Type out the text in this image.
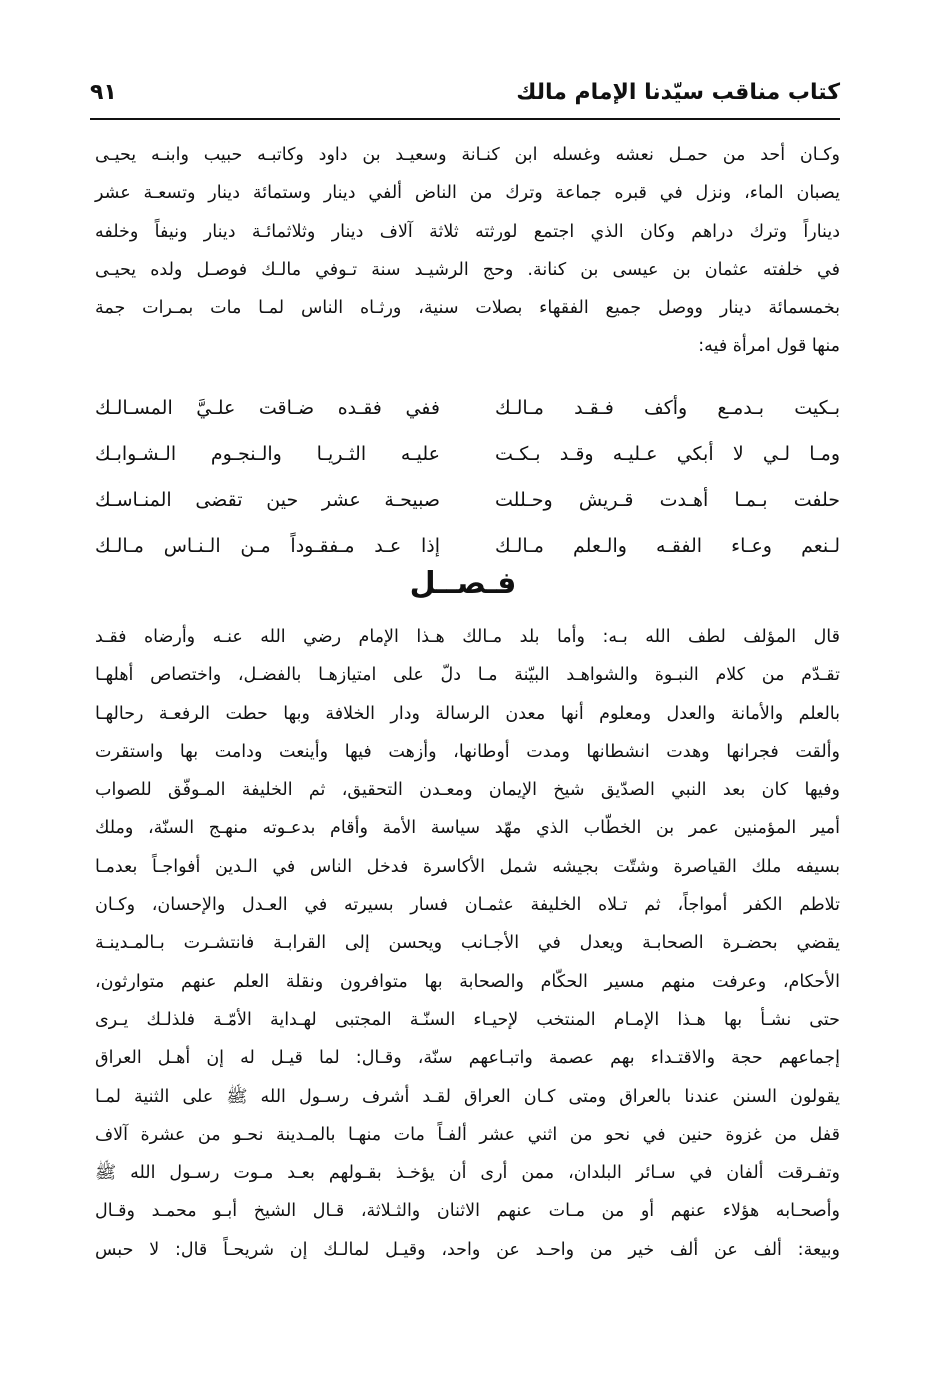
كتاب مناقب سيّدنا الإمام مالك
٩١
وكـان أحد من حمـل نعشه وغسله ابن كنـانة وسعيـد بن داود وكاتبـه حبيب وابنـه يحيـى
يصبان الماء، ونزل في قبره جماعة وترك من الناض ألفي دينار وستمائة دينار وتسعـة عشر
ديناراً وترك دراهم وكان الذي اجتمع لورثته ثلاثة آلاف دينار وثلاثمائـة دينار ونيفاً وخلفه
في خلفته عثمان بن عيسى بن كنانة. وحج الرشيـد سنة تـوفي مالـك فوصـل ولده يحيـى
بخمسمائة دينار ووصل جميع الفقهاء بصلات سنية، ورثـاه الناس لمـا مات بمـرات جمة
منها قول امرأة فيه:
بـكيت بـدمـع وأكف فـقـد مـالـك
ففي فقـده ضـاقت علـيَّ المسـالـك
ومـا لـي لا أبكي عـليـه وقـد بـكـت
عليـه الثـريـا والـنجـوم الـشـوابـك
حلفت بـمـا أهـدت قـريش وحـللت
صبيحـة عشر حين تقضى المنـاسـك
لـنعم وعـاء الفقـه والـعلم مـالـك
إذا عـد مـفقـوداً مـن الـنـاس مـالـك
فـصــل
قال المؤلف لطف الله بـه: وأما بلد مـالك هـذا الإمام رضي الله عنـه وأرضاه فقـد
تقـدّم من كلام النبـوة والشواهـد البيّنة مـا دلّ على امتيازهـا بالفضـل، واختصاص أهلهـا
بالعلم والأمانة والعدل ومعلوم أنها معدن الرسالة ودار الخلافة وبها حطت الرفعـة رحالهـا
وألقت فجرانها وهدت انشطانها ومدت أوطانها، وأزهت فيها وأينعت ودامت بها واستقرت
وفيها كان بعد النبي الصدّيق شيخ الإيمان ومعـدن التحقيق، ثم الخليفة المـوفّق للصواب
أمير المؤمنين عمر بن الخطّاب الذي مهّد سياسة الأمة وأقام بدعـوته منهـج السنّة، وملك
بسيفه ملك القياصرة وشتّت بجيشه شمل الأكاسرة فدخل الناس في الـدين أفواجـاً بعدمـا
تلاطم الكفر أمواجاً، ثم تـلاه الخليفة عثمـان فسار بسيرته في العـدل والإحسان، وكـان
يقضي بحضـرة الصحابـة ويعدل في الأجـانب ويحسن إلى القرابـة فانتشـرت بـالمـدينـة
الأحكام، وعرفت منهم مسير الحكّام والصحابة بها متوافرون ونقلة العلم عنهم متوارثون،
حتى نشـأ بها هـذا الإمـام المنتخب لإحيـاء السنّـة المجتبى لهـداية الأمّـة فلذلـك يـرى
إجماعهم حجة والاقتـداء بهم عصمة واتبـاعهم سنّة، وقـال: لما قيـل له إن أهـل العراق
يقولون السنن عندنا بالعراق ومتى كـان العراق لقـد أشرف رسـول الله ﷺ على الثنية لمـا
قفل من غزوة حنين في نحو من اثني عشر ألفـاً مات منهـا بالمـدينة نحـو من عشرة آلاف
وتفـرقت ألفان في سـائر البلدان، ممن أرى أن يؤخـذ بقـولهم بعـد مـوت رسـول الله ﷺ
وأصحـابه هؤلاء عنهم أو من مـات عنهم الاثنان والثـلاثة، قـال الشيخ أبـو محمـد وقـال
وبيعة: ألف عن ألف خير من واحـد عن واحد، وقيـل لمالـك إن شريحـاً قال: لا حبس
